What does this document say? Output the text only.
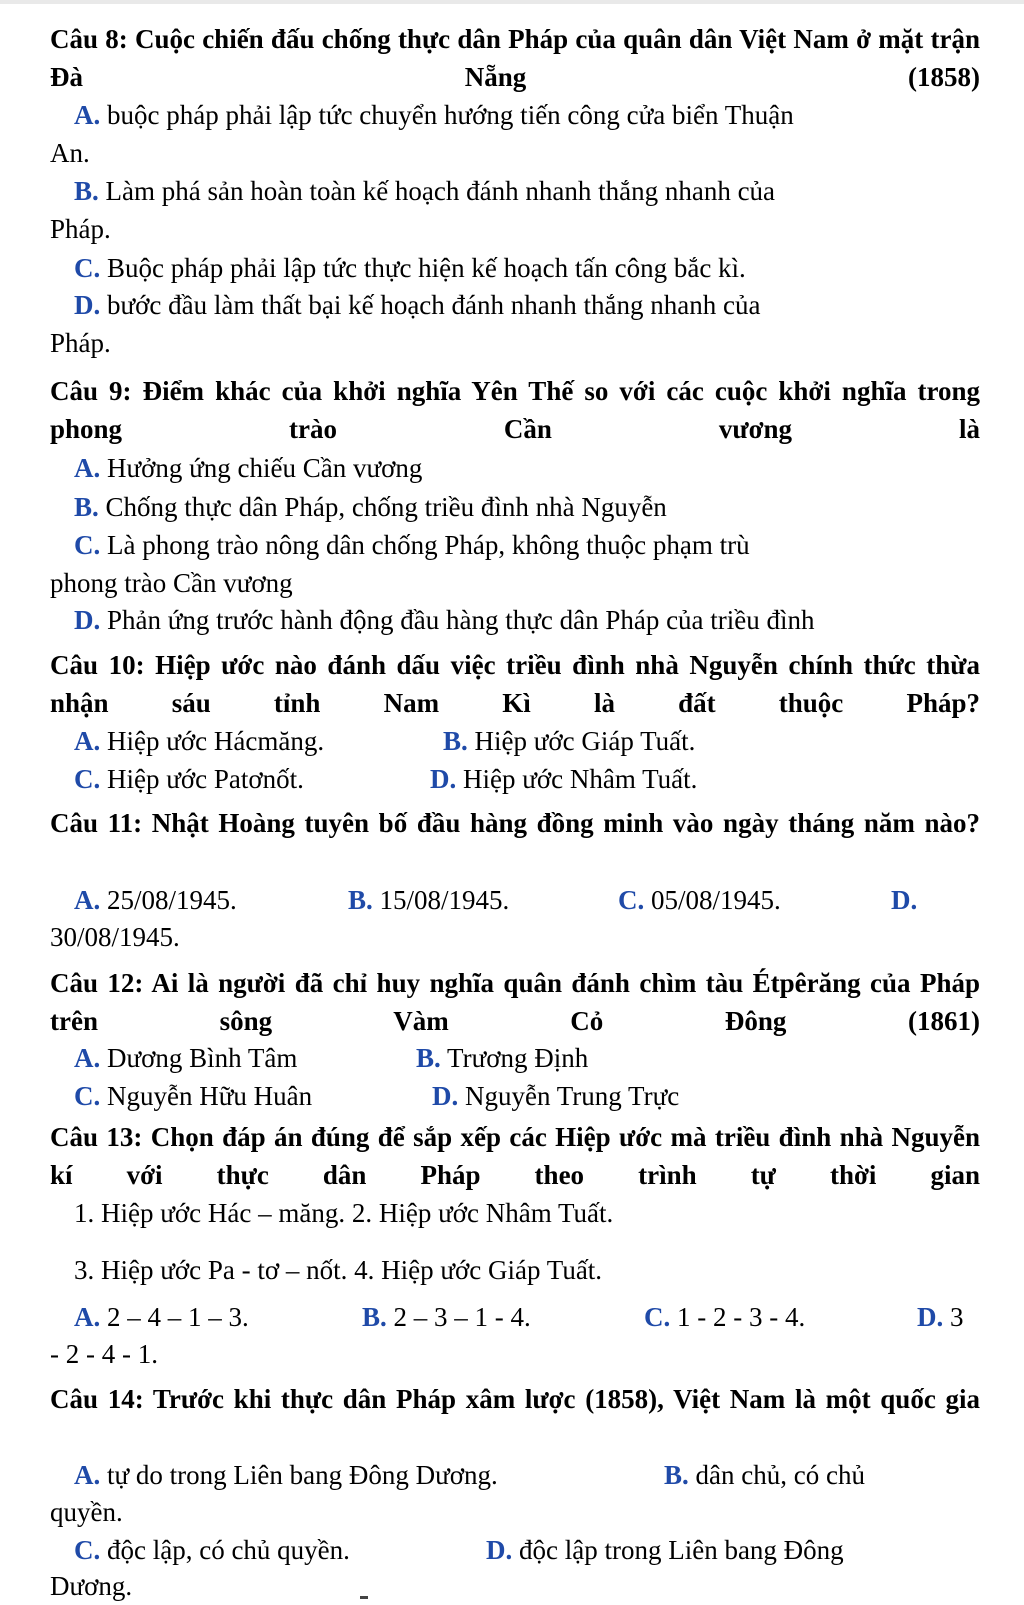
Câu 8: Cuộc chiến đấu chống thực dân Pháp của quân dân Việt Nam ở mặt trận Đà Nẵng (1858)
A. buộc pháp phải lập tức chuyển hướng tiến công cửa biển Thuận
An.
B. Làm phá sản hoàn toàn kế hoạch đánh nhanh thắng nhanh của
Pháp.
C. Buộc pháp phải lập tức thực hiện kế hoạch tấn công bắc kì.
D. bước đầu làm thất bại kế hoạch đánh nhanh thắng nhanh của
Pháp.
Câu 9: Điểm khác của khởi nghĩa Yên Thế so với các cuộc khởi nghĩa trong phong trào Cần vương là
A. Hưởng ứng chiếu Cần vương
B. Chống thực dân Pháp, chống triều đình nhà Nguyễn
C. Là phong trào nông dân chống Pháp, không thuộc phạm trù
phong trào Cần vương
D. Phản ứng trước hành động đầu hàng thực dân Pháp của triều đình
Câu 10: Hiệp ước nào đánh dấu việc triều đình nhà Nguyễn chính thức thừa nhận sáu tỉnh Nam Kì là đất thuộc Pháp?
A. Hiệp ước Hácmăng.	B. Hiệp ước Giáp Tuất.
C. Hiệp ước Patơnốt.	D. Hiệp ước Nhâm Tuất.
Câu 11: Nhật Hoàng tuyên bố đầu hàng đồng minh vào ngày tháng năm nào?
A. 25/08/1945.	B. 15/08/1945.	C. 05/08/1945.	D.
30/08/1945.
Câu 12: Ai là người đã chỉ huy nghĩa quân đánh chìm tàu Étpêrăng của Pháp trên sông Vàm Cỏ Đông (1861)
A. Dương Bình Tâm	B. Trương Định
C. Nguyễn Hữu Huân	D. Nguyễn Trung Trực
Câu 13: Chọn đáp án đúng để sắp xếp các Hiệp ước mà triều đình nhà Nguyễn kí với thực dân Pháp theo trình tự thời gian
1. Hiệp ước Hác – măng. 2. Hiệp ước Nhâm Tuất.
3. Hiệp ước Pa - tơ – nốt. 4. Hiệp ước Giáp Tuất.
A. 2 – 4 – 1 – 3.	B. 2 – 3 – 1 - 4.	C. 1 - 2 - 3 - 4.	D. 3
- 2 - 4 - 1.
Câu 14: Trước khi thực dân Pháp xâm lược (1858), Việt Nam là một quốc gia
A. tự do trong Liên bang Đông Dương.	B. dân chủ, có chủ
quyền.
C. độc lập, có chủ quyền.	D. độc lập trong Liên bang Đông
Dương.
